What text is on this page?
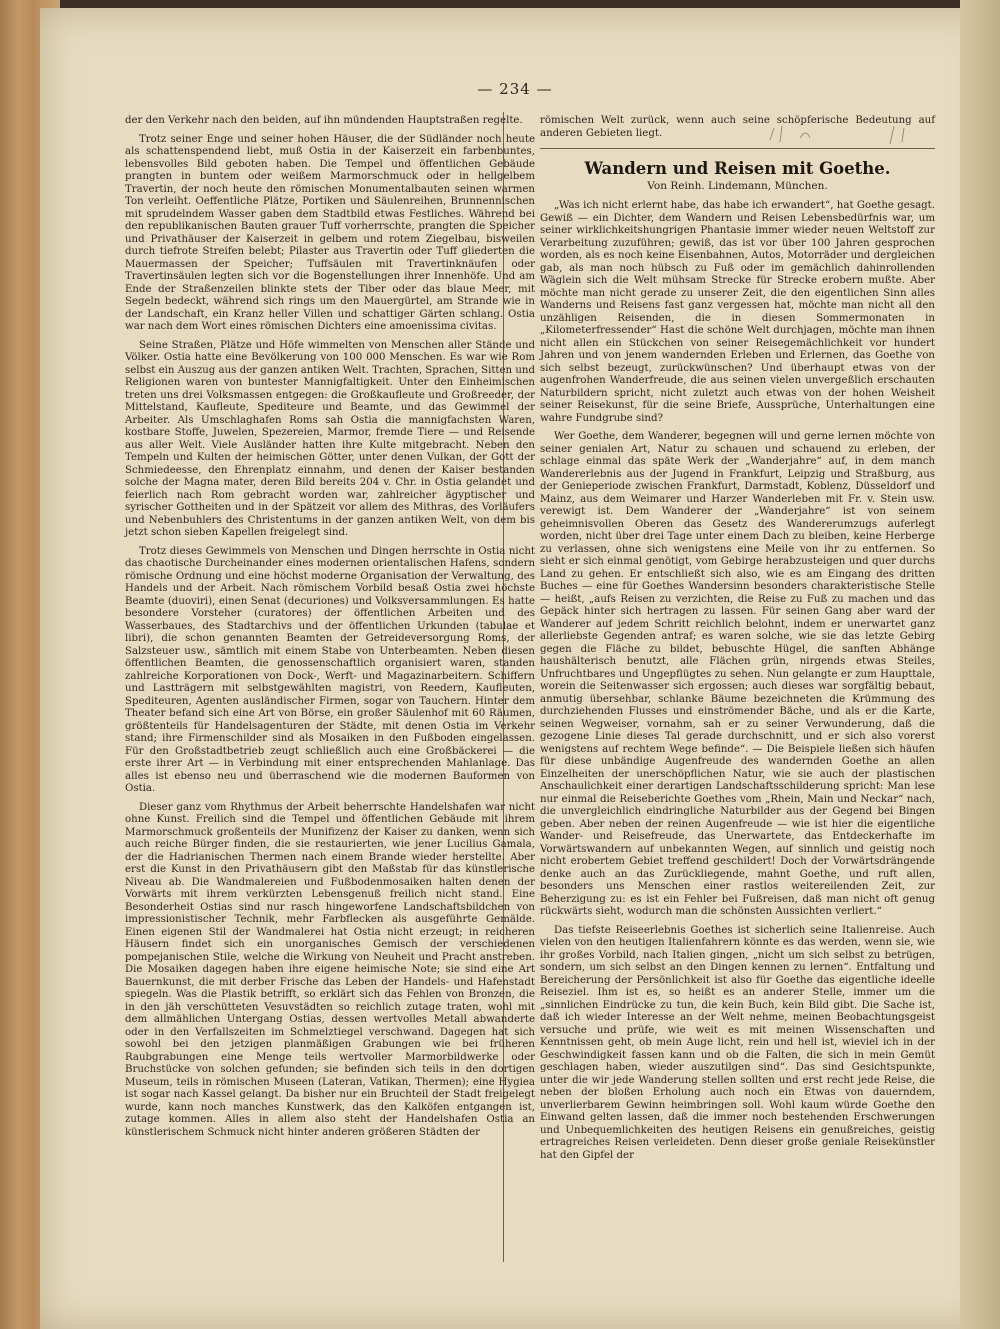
— 234 —

der den Verkehr nach den beiden, auf ihn mündenden Hauptstraßen regelte.

Trotz seiner Enge und seiner hohen Häuser, die der Südländer noch heute als schattenspendend liebt, muß Ostia in der Kaiserzeit ein farbenbuntes, lebensvolles Bild geboten haben. Die Tempel und öffentlichen Gebäude prangten in buntem oder weißem Marmorschmuck oder in hellgelbem Travertin, der noch heute den römischen Monumentalbauten seinen warmen Ton verleiht. Oeffentliche Plätze, Portiken und Säulenreihen, Brunnennischen mit sprudelndem Wasser gaben dem Stadtbild etwas Festliches. Während bei den republikanischen Bauten grauer Tuff vorherrschte, prangten die Speicher und Privathäuser der Kaiserzeit in gelbem und rotem Ziegelbau, bisweilen durch tiefrote Streifen belebt; Pilaster aus Travertin oder Tuff gliederten die Mauermassen der Speicher; Tuffsäulen mit Travertinknäufen oder Travertinsäulen legten sich vor die Bogenstellungen ihrer Innenhöfe. Und am Ende der Straßenzeilen blinkte stets der Tiber oder das blaue Meer, mit Segeln bedeckt, während sich rings um den Mauergürtel, am Strande wie in der Landschaft, ein Kranz heller Villen und schattiger Gärten schlang. Ostia war nach dem Wort eines römischen Dichters eine amoenissima civitas.

Seine Straßen, Plätze und Höfe wimmelten von Menschen aller Stände und Völker. Ostia hatte eine Bevölkerung von 100 000 Menschen. Es war wie Rom selbst ein Auszug aus der ganzen antiken Welt. Trachten, Sprachen, Sitten und Religionen waren von buntester Mannigfaltigkeit. Unter den Einheimischen treten uns drei Volksmassen entgegen: die Großkaufleute und Großreeder, der Mittelstand, Kaufleute, Spediteure und Beamte, und das Gewimmel der Arbeiter. Als Umschlaghafen Roms sah Ostia die mannigfachsten Waren, kostbare Stoffe, Juwelen, Spezereien, Marmor, fremde Tiere — und Reisende aus aller Welt. Viele Ausländer hatten ihre Kulte mitgebracht. Neben den Tempeln und Kulten der heimischen Götter, unter denen Vulkan, der Gott der Schmiedeesse, den Ehrenplatz einnahm, und denen der Kaiser bestanden solche der Magna mater, deren Bild bereits 204 v. Chr. in Ostia gelandet und feierlich nach Rom gebracht worden war, zahlreicher ägyptischer und syrischer Gottheiten und in der Spätzeit vor allem des Mithras, des Vorläufers und Nebenbuhlers des Christentums in der ganzen antiken Welt, von dem bis jetzt schon sieben Kapellen freigelegt sind.

Trotz dieses Gewimmels von Menschen und Dingen herrschte in Ostia nicht das chaotische Durcheinander eines modernen orientalischen Hafens, sondern römische Ordnung und eine höchst moderne Organisation der Verwaltung, des Handels und der Arbeit. Nach römischem Vorbild besaß Ostia zwei höchste Beamte (duoviri), einen Senat (decuriones) und Volksversammlungen. Es hatte besondere Vorsteher (curatores) der öffentlichen Arbeiten und des Wasserbaues, des Stadtarchivs und der öffentlichen Urkunden (tabulae et libri), die schon genannten Beamten der Getreideversorgung Roms, der Salzsteuer usw., sämtlich mit einem Stabe von Unterbeamten. Neben diesen öffentlichen Beamten, die genossenschaftlich organisiert waren, standen zahlreiche Korporationen von Dock-, Werft- und Magazinarbeitern. Schiffern und Lastträgern mit selbstgewählten magistri, von Reedern, Kaufleuten, Spediteuren, Agenten ausländischer Firmen, sogar von Tauchern. Hinter dem Theater befand sich eine Art von Börse, ein großer Säulenhof mit 60 Räumen, größtenteils für Handelsagenturen der Städte, mit denen Ostia im Verkehr stand; ihre Firmenschilder sind als Mosaiken in den Fußboden eingelassen. Für den Großstadtbetrieb zeugt schließlich auch eine Großbäckerei — die erste ihrer Art — in Verbindung mit einer entsprechenden Mahlanlage. Das alles ist ebenso neu und überraschend wie die modernen Bauformen von Ostia.

Dieser ganz vom Rhythmus der Arbeit beherrschte Handelshafen war nicht ohne Kunst. Freilich sind die Tempel und öffentlichen Gebäude mit ihrem Marmorschmuck großenteils der Munifizenz der Kaiser zu danken, wenn sich auch reiche Bürger finden, die sie restaurierten, wie jener Lucilius Gamala, der die Hadrianischen Thermen nach einem Brande wieder herstellte. Aber erst die Kunst in den Privathäusern gibt den Maßstab für das künstlerische Niveau ab. Die Wandmalereien und Fußbodenmosaiken halten denen der Vorwärts mit ihrem verkürzten Lebensgenuß freilich nicht stand. Eine Besonderheit Ostias sind nur rasch hingeworfene Landschaftsbildchen von impressionistischer Technik, mehr Farbflecken als ausgeführte Gemälde. Einen eigenen Stil der Wandmalerei hat Ostia nicht erzeugt; in reicheren Häusern findet sich ein unorganisches Gemisch der verschiedenen pompejanischen Stile, welche die Wirkung von Neuheit und Pracht anstreben. Die Mosaiken dagegen haben ihre eigene heimische Note; sie sind eine Art Bauernkunst, die mit derber Frische das Leben der Handels- und Hafenstadt spiegeln. Was die Plastik betrifft, so erklärt sich das Fehlen von Bronzen, die in den jäh verschütteten Vesuvstädten so reichlich zutage traten, wohl mit dem allmählichen Untergang Ostias, dessen wertvolles Metall abwanderte oder in den Verfallszeiten im Schmelztiegel verschwand. Dagegen hat sich sowohl bei den jetzigen planmäßigen Grabungen wie bei früheren Raubgrabungen eine Menge teils wertvoller Marmorbildwerke oder Bruchstücke von solchen gefunden; sie befinden sich teils in den dortigen Museum, teils in römischen Museen (Lateran, Vatikan, Thermen); eine Hygiea ist sogar nach Kassel gelangt. Da bisher nur ein Bruchteil der Stadt freigelegt wurde, kann noch manches Kunstwerk, das den Kalköfen entgangen ist, zutage kommen. Alles in allem also steht der Handelshafen Ostia an künstlerischem Schmuck nicht hinter anderen größeren Städten der

römischen Welt zurück, wenn auch seine schöpferische Bedeutung auf anderen Gebieten liegt.

Wandern und Reisen mit Goethe.
Von Reinh. Lindemann, München.

„Was ich nicht erlernt habe, das habe ich erwandert“, hat Goethe gesagt. Gewiß — ein Dichter, dem Wandern und Reisen Lebensbedürfnis war, um seiner wirklichkeitshungrigen Phantasie immer wieder neuen Weltstoff zur Verarbeitung zuzuführen; gewiß, das ist vor über 100 Jahren gesprochen worden, als es noch keine Eisenbahnen, Autos, Motorräder und dergleichen gab, als man noch hübsch zu Fuß oder im gemächlich dahinrollenden Wäglein sich die Welt mühsam Strecke für Strecke erobern mußte. Aber möchte man nicht gerade zu unserer Zeit, die den eigentlichen Sinn alles Wanderns und Reisens fast ganz vergessen hat, möchte man nicht all den unzähligen Reisenden, die in diesen Sommermonaten in „Kilometerfressender“ Hast die schöne Welt durchjagen, möchte man ihnen nicht allen ein Stückchen von seiner Reisegemächlichkeit vor hundert Jahren und von jenem wandernden Erleben und Erlernen, das Goethe von sich selbst bezeugt, zurückwünschen? Und überhaupt etwas von der augenfrohen Wanderfreude, die aus seinen vielen unvergeßlich erschauten Naturbildern spricht, nicht zuletzt auch etwas von der hohen Weisheit seiner Reisekunst, für die seine Briefe, Aussprüche, Unterhaltungen eine wahre Fundgrube sind?

Wer Goethe, dem Wanderer, begegnen will und gerne lernen möchte von seiner genialen Art, Natur zu schauen und schauend zu erleben, der schlage einmal das späte Werk der „Wanderjahre“ auf, in dem manch Wandererlebnis aus der Jugend in Frankfurt, Leipzig und Straßburg, aus der Genieperiode zwischen Frankfurt, Darmstadt, Koblenz, Düsseldorf und Mainz, aus dem Weimarer und Harzer Wanderleben mit Fr. v. Stein usw. verewigt ist. Dem Wanderer der „Wanderjahre“ ist von seinem geheimnisvollen Oberen das Gesetz des Wandererumzugs auferlegt worden, nicht über drei Tage unter einem Dach zu bleiben, keine Herberge zu verlassen, ohne sich wenigstens eine Meile von ihr zu entfernen. So sieht er sich einmal genötigt, vom Gebirge herabzusteigen und quer durchs Land zu gehen. Er entschließt sich also, wie es am Eingang des dritten Buches — eine für Goethes Wandersinn besonders charakteristische Stelle — heißt, „aufs Reisen zu verzichten, die Reise zu Fuß zu machen und das Gepäck hinter sich hertragen zu lassen. Für seinen Gang aber ward der Wanderer auf jedem Schritt reichlich belohnt, indem er unerwartet ganz allerliebste Gegenden antraf; es waren solche, wie sie das letzte Gebirg gegen die Fläche zu bildet, bebuschte Hügel, die sanften Abhänge haushälterisch benutzt, alle Flächen grün, nirgends etwas Steiles, Unfruchtbares und Ungepflügtes zu sehen. Nun gelangte er zum Haupttale, worein die Seitenwasser sich ergossen; auch dieses war sorgfältig bebaut, anmutig übersehbar, schlanke Bäume bezeichneten die Krümmung des durchziehenden Flusses und einströmender Bäche, und als er die Karte, seinen Wegweiser, vornahm, sah er zu seiner Verwunderung, daß die gezogene Linie dieses Tal gerade durchschnitt, und er sich also vorerst wenigstens auf rechtem Wege befinde“. — Die Beispiele ließen sich häufen für diese unbändige Augenfreude des wandernden Goethe an allen Einzelheiten der unerschöpflichen Natur, wie sie auch der plastischen Anschaulichkeit einer derartigen Landschaftsschilderung spricht: Man lese nur einmal die Reiseberichte Goethes vom „Rhein, Main und Neckar“ nach, die unvergleichlich eindringliche Naturbilder aus der Gegend bei Bingen geben. Aber neben der reinen Augenfreude — wie ist hier die eigentliche Wander- und Reisefreude, das Unerwartete, das Entdeckerhafte im Vorwärtswandern auf unbekannten Wegen, auf sinnlich und geistig noch nicht erobertem Gebiet treffend geschildert! Doch der Vorwärtsdrängende denke auch an das Zurückliegende, mahnt Goethe, und ruft allen, besonders uns Menschen einer rastlos weitereilenden Zeit, zur Beherzigung zu: es ist ein Fehler bei Fußreisen, daß man nicht oft genug rückwärts sieht, wodurch man die schönsten Aussichten verliert.“

Das tiefste Reiseerlebnis Goethes ist sicherlich seine Italienreise. Auch vielen von den heutigen Italienfahrern könnte es das werden, wenn sie, wie ihr großes Vorbild, nach Italien gingen, „nicht um sich selbst zu betrügen, sondern, um sich selbst an den Dingen kennen zu lernen“. Entfaltung und Bereicherung der Persönlichkeit ist also für Goethe das eigentliche ideelle Reiseziel. Ihm ist es, so heißt es an anderer Stelle, immer um die „sinnlichen Eindrücke zu tun, die kein Buch, kein Bild gibt. Die Sache ist, daß ich wieder Interesse an der Welt nehme, meinen Beobachtungsgeist versuche und prüfe, wie weit es mit meinen Wissenschaften und Kenntnissen geht, ob mein Auge licht, rein und hell ist, wieviel ich in der Geschwindigkeit fassen kann und ob die Falten, die sich in mein Gemüt geschlagen haben, wieder auszutilgen sind“. Das sind Gesichtspunkte, unter die wir jede Wanderung stellen sollten und erst recht jede Reise, die neben der bloßen Erholung auch noch ein Etwas von dauerndem, unverlierbarem Gewinn heimbringen soll. Wohl kaum würde Goethe den Einwand gelten lassen, daß die immer noch bestehenden Erschwerungen und Unbequemlichkeiten des heutigen Reisens ein genußreiches, geistig ertragreiches Reisen verleideten. Denn dieser große geniale Reisekünstler hat den Gipfel der
